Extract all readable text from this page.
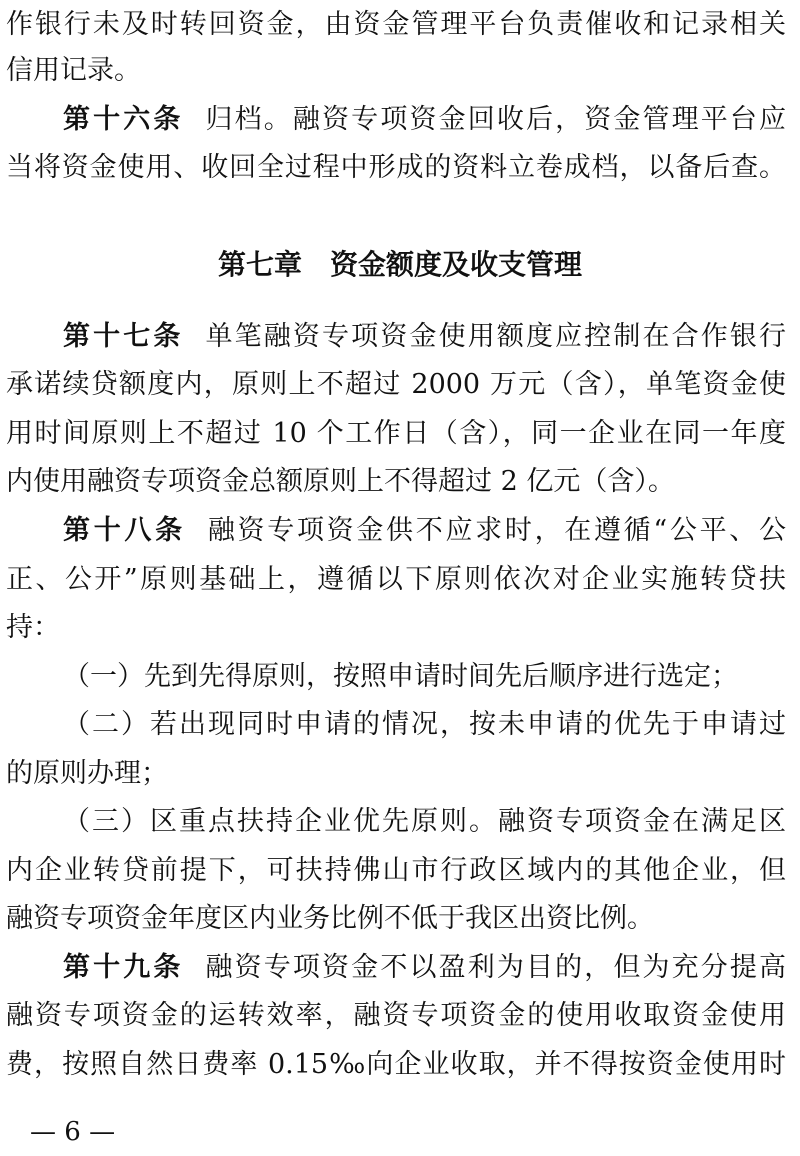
作银行未及时转回资金，由资金管理平台负责催收和记录相关
信用记录。
第十六条 归档。融资专项资金回收后，资金管理平台应
当将资金使用、收回全过程中形成的资料立卷成档，以备后查。
第七章 资金额度及收支管理
第十七条 单笔融资专项资金使用额度应控制在合作银行
承诺续贷额度内，原则上不超过 2000 万元（含），单笔资金使
用时间原则上不超过 10 个工作日（含），同一企业在同一年度
内使用融资专项资金总额原则上不得超过 2 亿元（含）。
第十八条 融资专项资金供不应求时，在遵循“公平、公
正、公开”原则基础上，遵循以下原则依次对企业实施转贷扶
持：
（一）先到先得原则，按照申请时间先后顺序进行选定；
（二）若出现同时申请的情况，按未申请的优先于申请过
的原则办理；
（三）区重点扶持企业优先原则。融资专项资金在满足区
内企业转贷前提下，可扶持佛山市行政区域内的其他企业，但
融资专项资金年度区内业务比例不低于我区出资比例。
第十九条 融资专项资金不以盈利为目的，但为充分提高
融资专项资金的运转效率，融资专项资金的使用收取资金使用
费，按照自然日费率 0.15‰向企业收取，并不得按资金使用时
— 6 —
